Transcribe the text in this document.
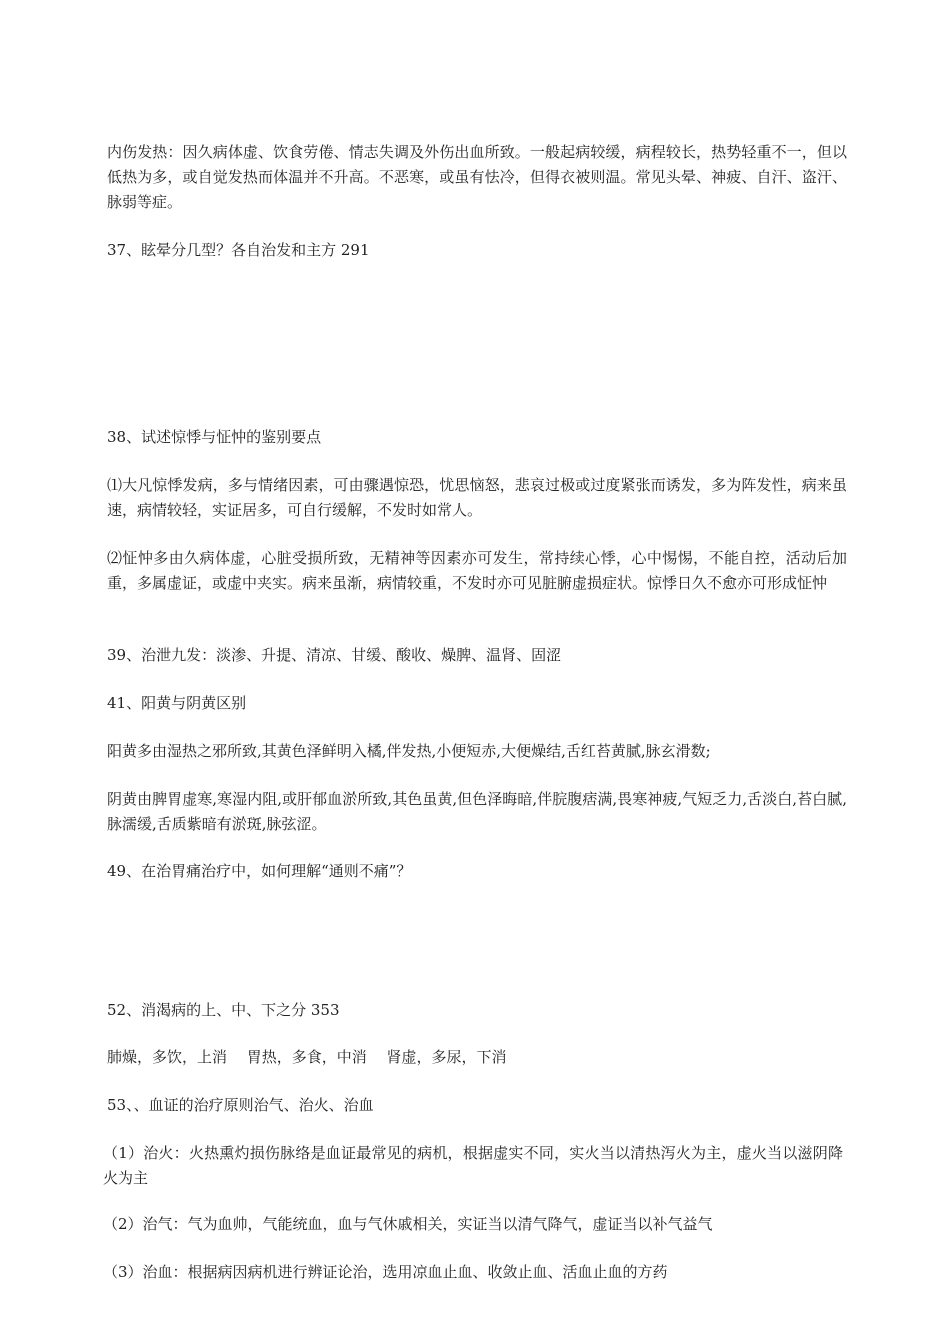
内伤发热：因久病体虚、饮食劳倦、情志失调及外伤出血所致。一般起病较缓，病程较长，热势轻重不一，但以低热为多，或自觉发热而体温并不升高。不恶寒，或虽有怯冷，但得衣被则温。常见头晕、神疲、自汗、盗汗、脉弱等症。

37、眩晕分几型？各自治发和主方 291

38、试述惊悸与怔忡的鉴别要点

⑴大凡惊悸发病，多与情绪因素，可由骤遇惊恐，忧思恼怒，悲哀过极或过度紧张而诱发，多为阵发性，病来虽速，病情较轻，实证居多，可自行缓解，不发时如常人。

⑵怔忡多由久病体虚，心脏受损所致，无精神等因素亦可发生，常持续心悸，心中惕惕，不能自控，活动后加重，多属虚证，或虚中夹实。病来虽渐，病情较重，不发时亦可见脏腑虚损症状。惊悸日久不愈亦可形成怔忡

39、治泄九发：淡渗、升提、清凉、甘缓、酸收、燥脾、温肾、固涩

41、阳黄与阴黄区别

阳黄多由湿热之邪所致,其黄色泽鲜明入橘,伴发热,小便短赤,大便燥结,舌红苔黄腻,脉玄滑数;

阴黄由脾胃虚寒,寒湿内阻,或肝郁血淤所致,其色虽黄,但色泽晦暗,伴脘腹痞满,畏寒神疲,气短乏力,舌淡白,苔白腻,脉濡缓,舌质紫暗有淤斑,脉弦涩。

49、在治胃痛治疗中，如何理解“通则不痛”？

52、消渴病的上、中、下之分 353

肺燥，多饮，上消　 胃热，多食，中消　 肾虚，多尿，下消

53、、血证的治疗原则治气、治火、治血

（1）治火：火热熏灼损伤脉络是血证最常见的病机，根据虚实不同，实火当以清热泻火为主，虚火当以滋阴降火为主

（2）治气：气为血帅，气能统血，血与气休戚相关，实证当以清气降气，虚证当以补气益气

（3）治血：根据病因病机进行辨证论治，选用凉血止血、收敛止血、活血止血的方药
